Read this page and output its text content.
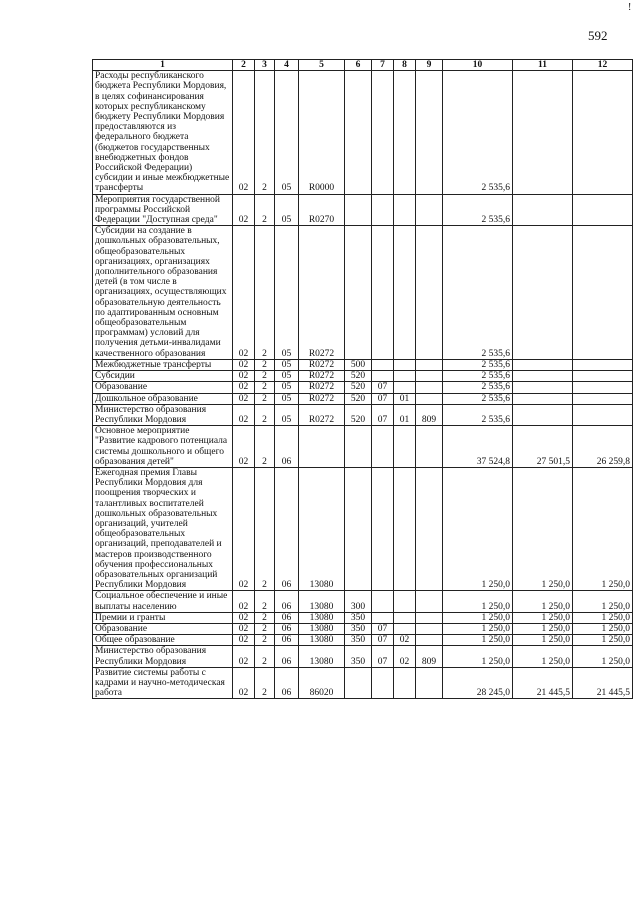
!
592
1	2	3	4	5	6	7	8	9	10	11	12
Расходы республиканского бюджета Республики Мордовия, в целях софинансирования которых республиканскому бюджету Республики Мордовия предоставляются из федерального бюджета (бюджетов государственных внебюджетных фондов Российской Федерации) субсидии и иные межбюджетные трансферты	02	2	05	R0000					2 535,6		
Мероприятия государственной программы Российской Федерации "Доступная среда"	02	2	05	R0270					2 535,6		
Субсидии на создание в дошкольных образовательных, общеобразовательных организациях, организациях дополнительного образования детей (в том числе в организациях, осуществляющих образовательную деятельность по адаптированным основным общеобразовательным программам) условий для получения детьми-инвалидами качественного образования	02	2	05	R0272					2 535,6		
Межбюджетные трансферты	02	2	05	R0272	500				2 535,6		
Субсидии	02	2	05	R0272	520				2 535,6		
Образование	02	2	05	R0272	520	07			2 535,6		
Дошкольное образование	02	2	05	R0272	520	07	01		2 535,6		
Министерство образования Республики Мордовия	02	2	05	R0272	520	07	01	809	2 535,6		
Основное мероприятие "Развитие кадрового потенциала системы дошкольного и общего образования детей"	02	2	06						37 524,8	27 501,5	26 259,8
Ежегодная премия Главы Республики Мордовия для поощрения творческих и талантливых воспитателей дошкольных образовательных организаций, учителей общеобразовательных организаций, преподавателей и мастеров производственного обучения профессиональных образовательных организаций Республики Мордовия	02	2	06	13080					1 250,0	1 250,0	1 250,0
Социальное обеспечение и иные выплаты населению	02	2	06	13080	300				1 250,0	1 250,0	1 250,0
Премии и гранты	02	2	06	13080	350				1 250,0	1 250,0	1 250,0
Образование	02	2	06	13080	350	07			1 250,0	1 250,0	1 250,0
Общее образование	02	2	06	13080	350	07	02		1 250,0	1 250,0	1 250,0
Министерство образования Республики Мордовия	02	2	06	13080	350	07	02	809	1 250,0	1 250,0	1 250,0
Развитие системы работы с кадрами и научно-методическая работа	02	2	06	86020					28 245,0	21 445,5	21 445,5
